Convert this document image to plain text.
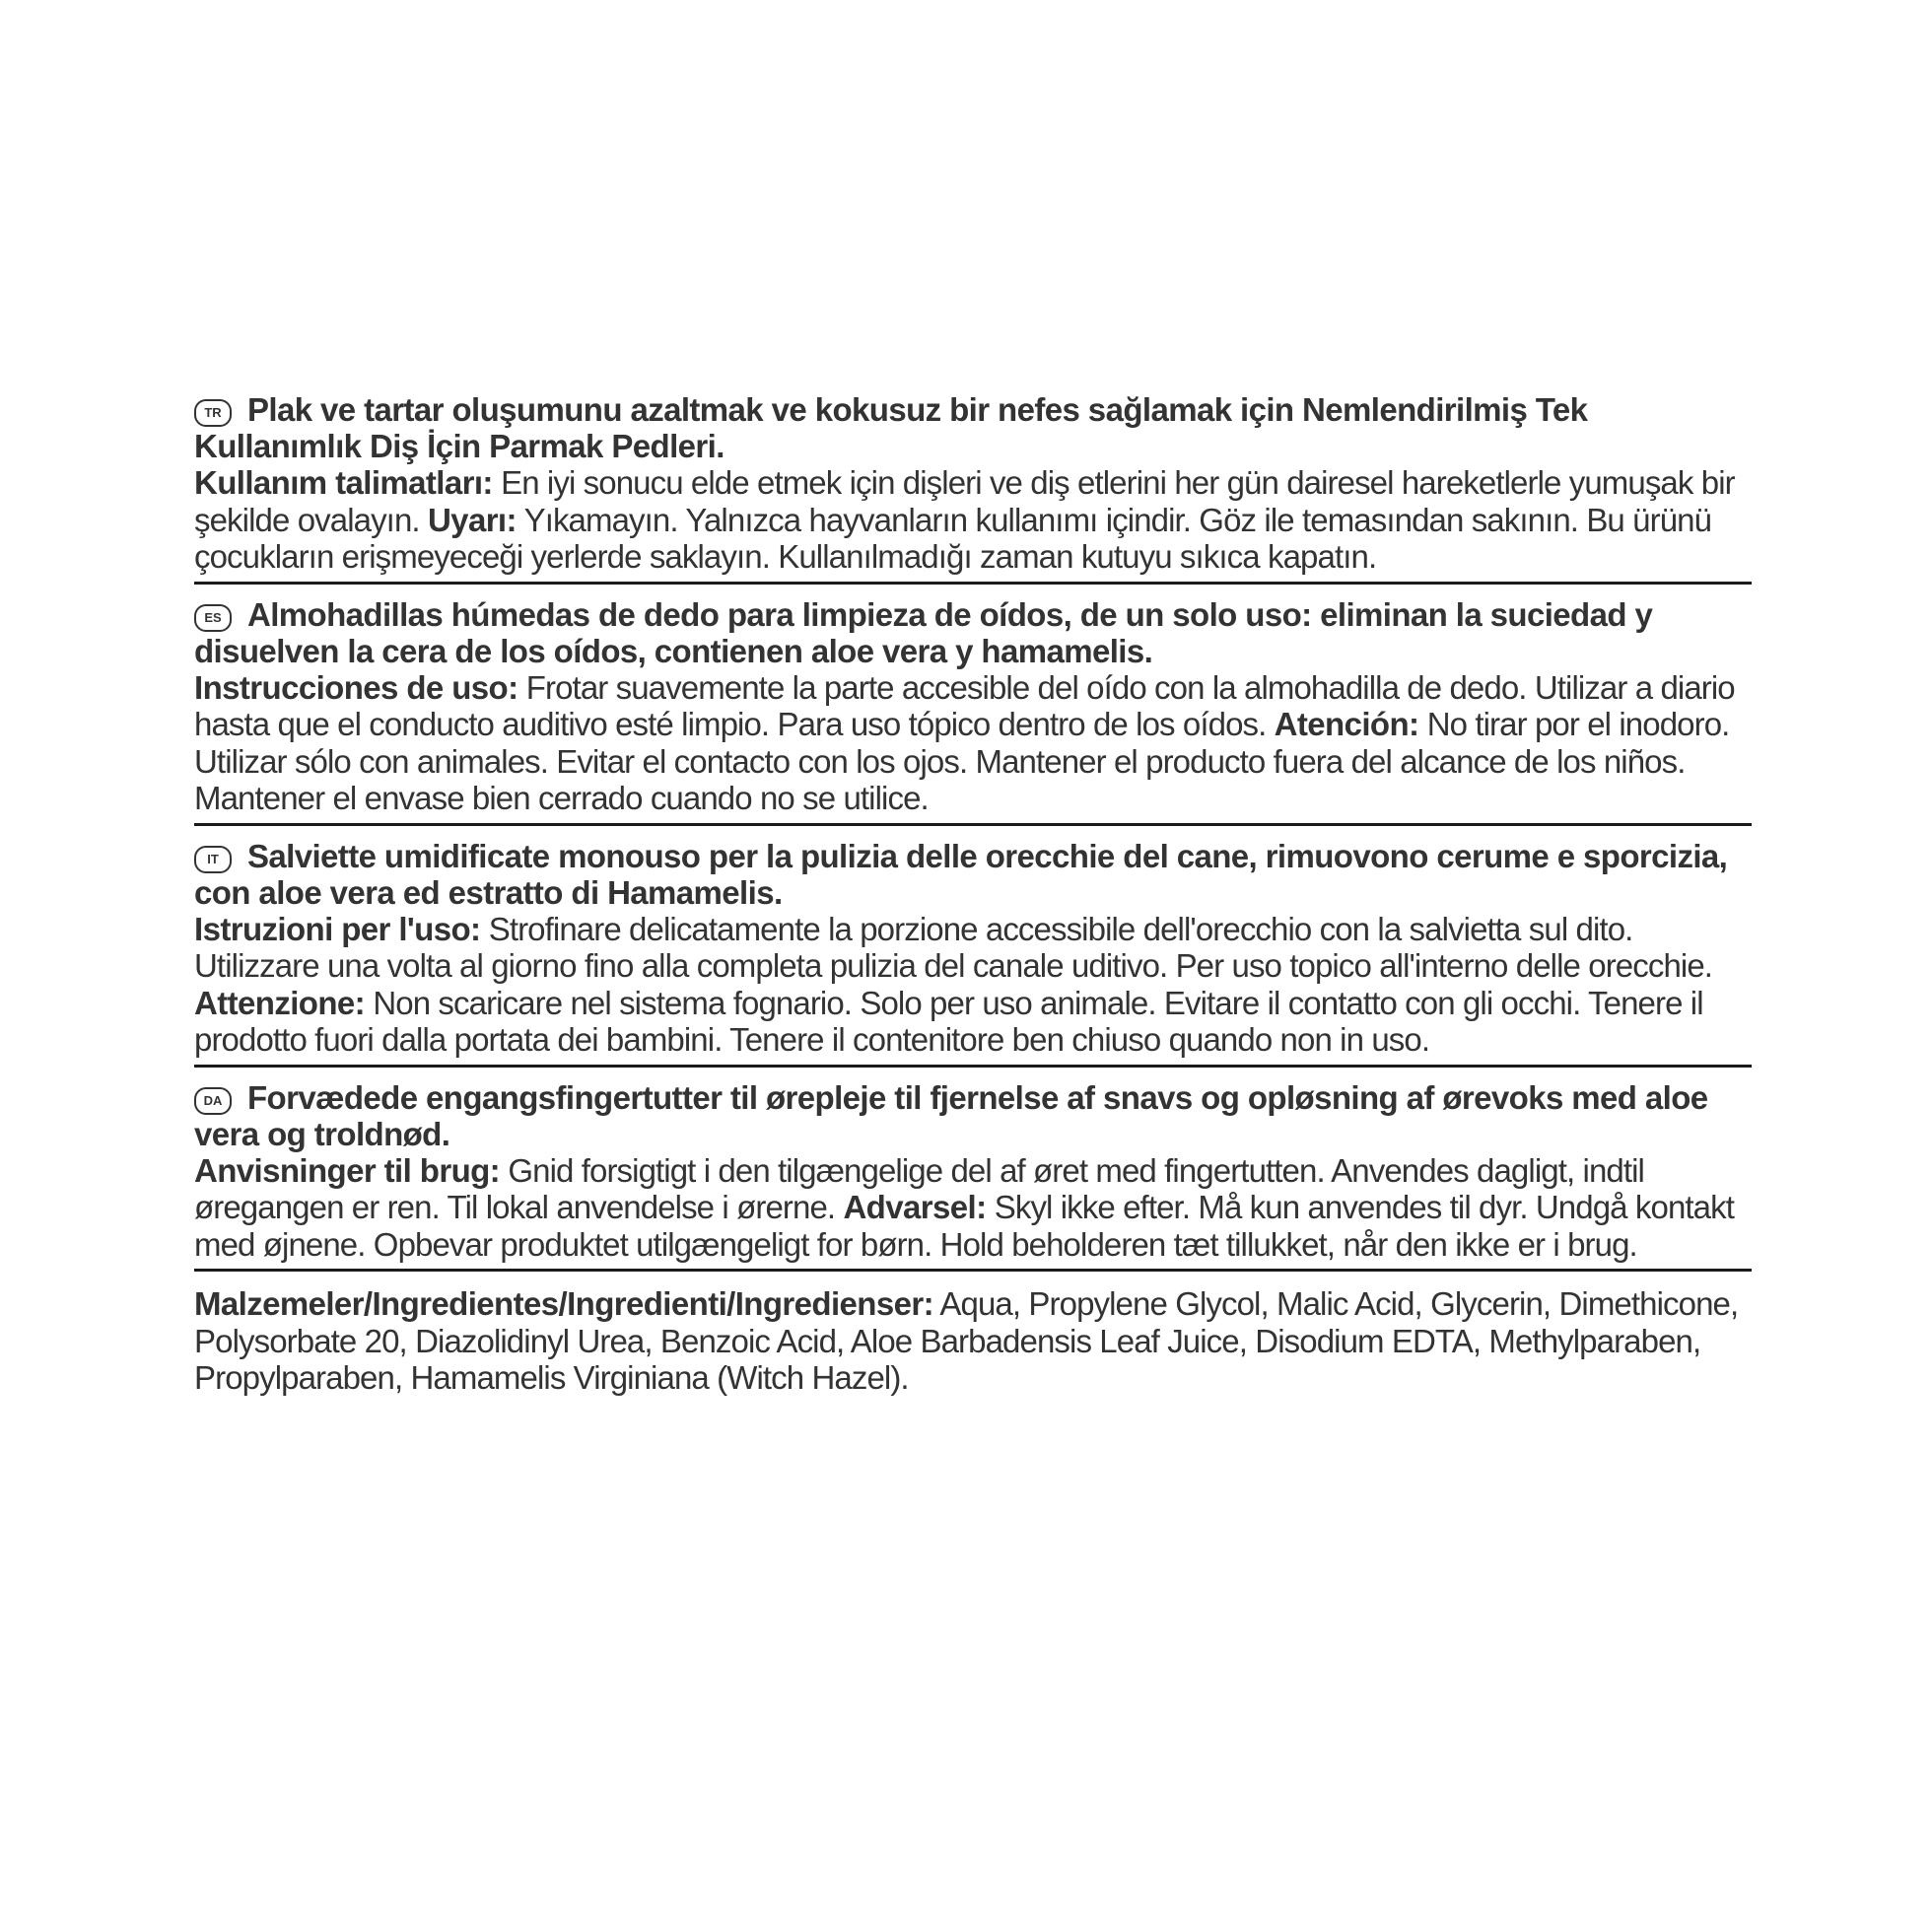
TR Plak ve tartar oluşumunu azaltmak ve kokusuz bir nefes sağlamak için Nemlendirilmiş Tek Kullanımlık Diş İçin Parmak Pedleri.
Kullanım talimatları: En iyi sonucu elde etmek için dişleri ve diş etlerini her gün dairesel hareketlerle yumuşak bir şekilde ovalayın. Uyarı: Yıkamayın. Yalnızca hayvanların kullanımı içindir. Göz ile temasından sakının. Bu ürünü çocukların erişmeyeceği yerlerde saklayın. Kullanılmadığı zaman kutuyu sıkıca kapatın.
ES Almohadillas húmedas de dedo para limpieza de oídos, de un solo uso: eliminan la suciedad y disuelven la cera de los oídos, contienen aloe vera y hamamelis.
Instrucciones de uso: Frotar suavemente la parte accesible del oído con la almohadilla de dedo. Utilizar a diario hasta que el conducto auditivo esté limpio. Para uso tópico dentro de los oídos. Atención: No tirar por el inodoro. Utilizar sólo con animales. Evitar el contacto con los ojos. Mantener el producto fuera del alcance de los niños. Mantener el envase bien cerrado cuando no se utilice.
IT Salviette umidificate monouso per la pulizia delle orecchie del cane, rimuovono cerume e sporcizia, con aloe vera ed estratto di Hamamelis.
Istruzioni per l'uso: Strofinare delicatamente la porzione accessibile dell'orecchio con la salvietta sul dito. Utilizzare una volta al giorno fino alla completa pulizia del canale uditivo. Per uso topico all'interno delle orecchie. Attenzione: Non scaricare nel sistema fognario. Solo per uso animale. Evitare il contatto con gli occhi. Tenere il prodotto fuori dalla portata dei bambini. Tenere il contenitore ben chiuso quando non in uso.
DA Forvædede engangsfingertutter til ørepleje til fjernelse af snavs og opløsning af ørevoks med aloe vera og troldnød.
Anvisninger til brug: Gnid forsigtigt i den tilgængelige del af øret med fingertutten. Anvendes dagligt, indtil øregangen er ren. Til lokal anvendelse i ørerne. Advarsel: Skyl ikke efter. Må kun anvendes til dyr. Undgå kontakt med øjnene. Opbevar produktet utilgængeligt for børn. Hold beholderen tæt tillukket, når den ikke er i brug.
Malzemeler/Ingredientes/Ingredienti/Ingredienser: Aqua, Propylene Glycol, Malic Acid, Glycerin, Dimethicone, Polysorbate 20, Diazolidinyl Urea, Benzoic Acid, Aloe Barbadensis Leaf Juice, Disodium EDTA, Methylparaben, Propylparaben, Hamamelis Virginiana (Witch Hazel).
